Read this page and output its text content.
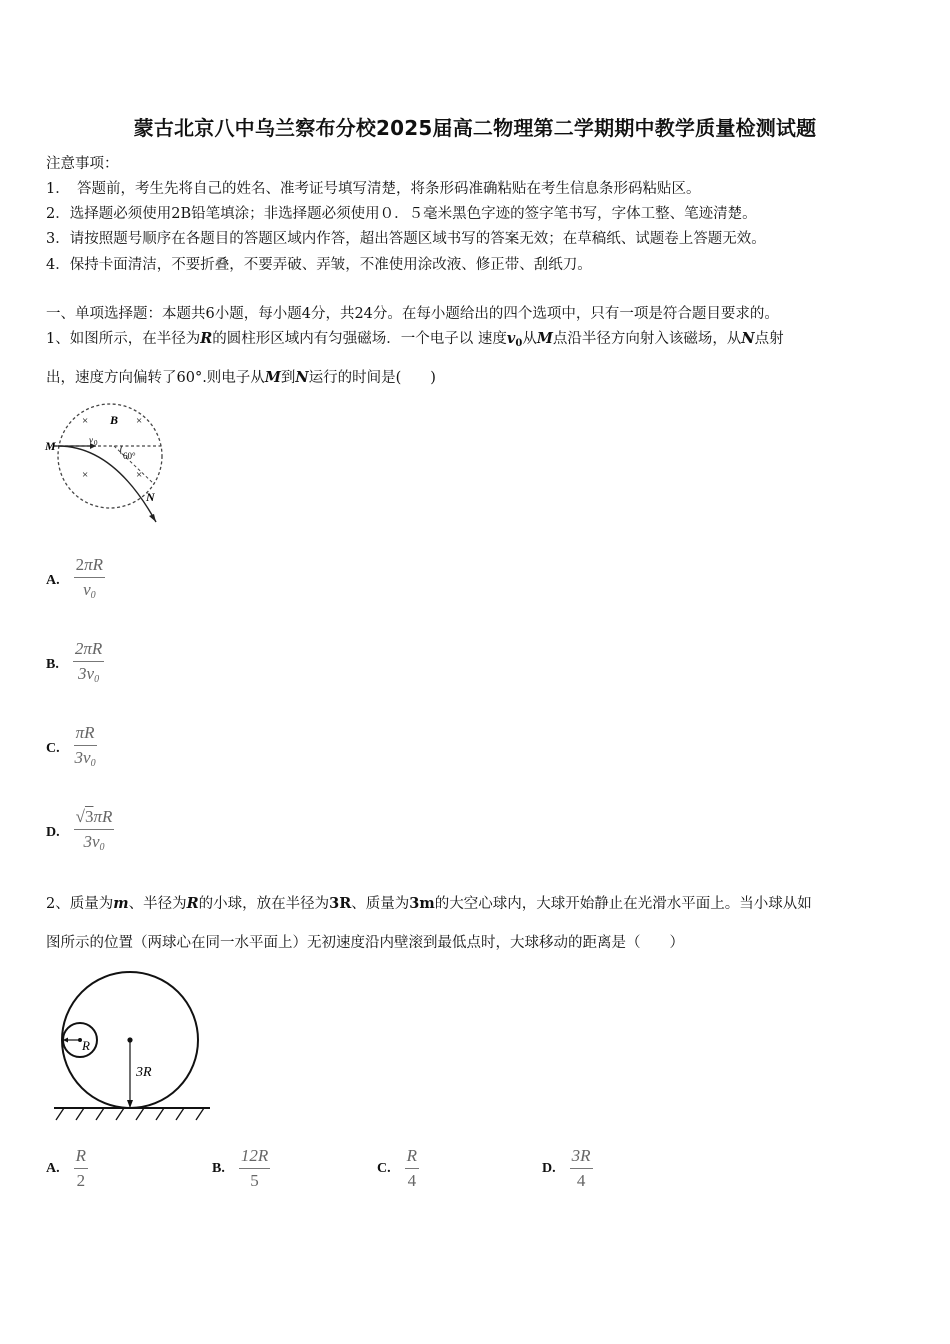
蒙古北京八中乌兰察布分校2025届高二物理第二学期期中教学质量检测试题
注意事项：
1．　答题前，考生先将自己的姓名、准考证号填写清楚，将条形码准确粘贴在考生信息条形码粘贴区。
2．选择题必须使用2B铅笔填涂；非选择题必须使用０．５毫米黑色字迹的签字笔书写，字体工整、笔迹清楚。
3．请按照题号顺序在各题目的答题区域内作答，超出答题区域书写的答案无效；在草稿纸、试题卷上答题无效。
4．保持卡面清洁，不要折叠，不要弄破、弄皱，不准使用涂改液、修正带、刮纸刀。
一、单项选择题：本题共6小题，每小题4分，共24分。在每小题给出的四个选项中，只有一项是符合题目要求的。
1、如图所示，在半径为R的圆柱形区域内有匀强磁场．一个电子以 速度$v_0$从M点沿半径方向射入该磁场，从N点射
出，速度方向偏转了60°.则电子从M到N运行的时间是(　　)
×	×
×	×
B
M
N
v 0
60°
A. $\frac{2\pi R}{v_0}$
B. $\frac{2\pi R}{3v_0}$
C. $\frac{\pi R}{3v_0}$
D. $\frac{√3\pi R}{3v_0}$
2、质量为m、半径为R的小球，放在半径为3R、质量为3m的大空心球内，大球开始静止在光滑水平面上。当小球从如
图所示的位置（两球心在同一水平面上）无初速度沿内壁滚到最低点时，大球移动的距离是（　　）
R
3R
A. $\frac{R}{2}$	B. $\frac{12R}{5}$	C. $\frac{R}{4}$	D. $\frac{3R}{4}$
